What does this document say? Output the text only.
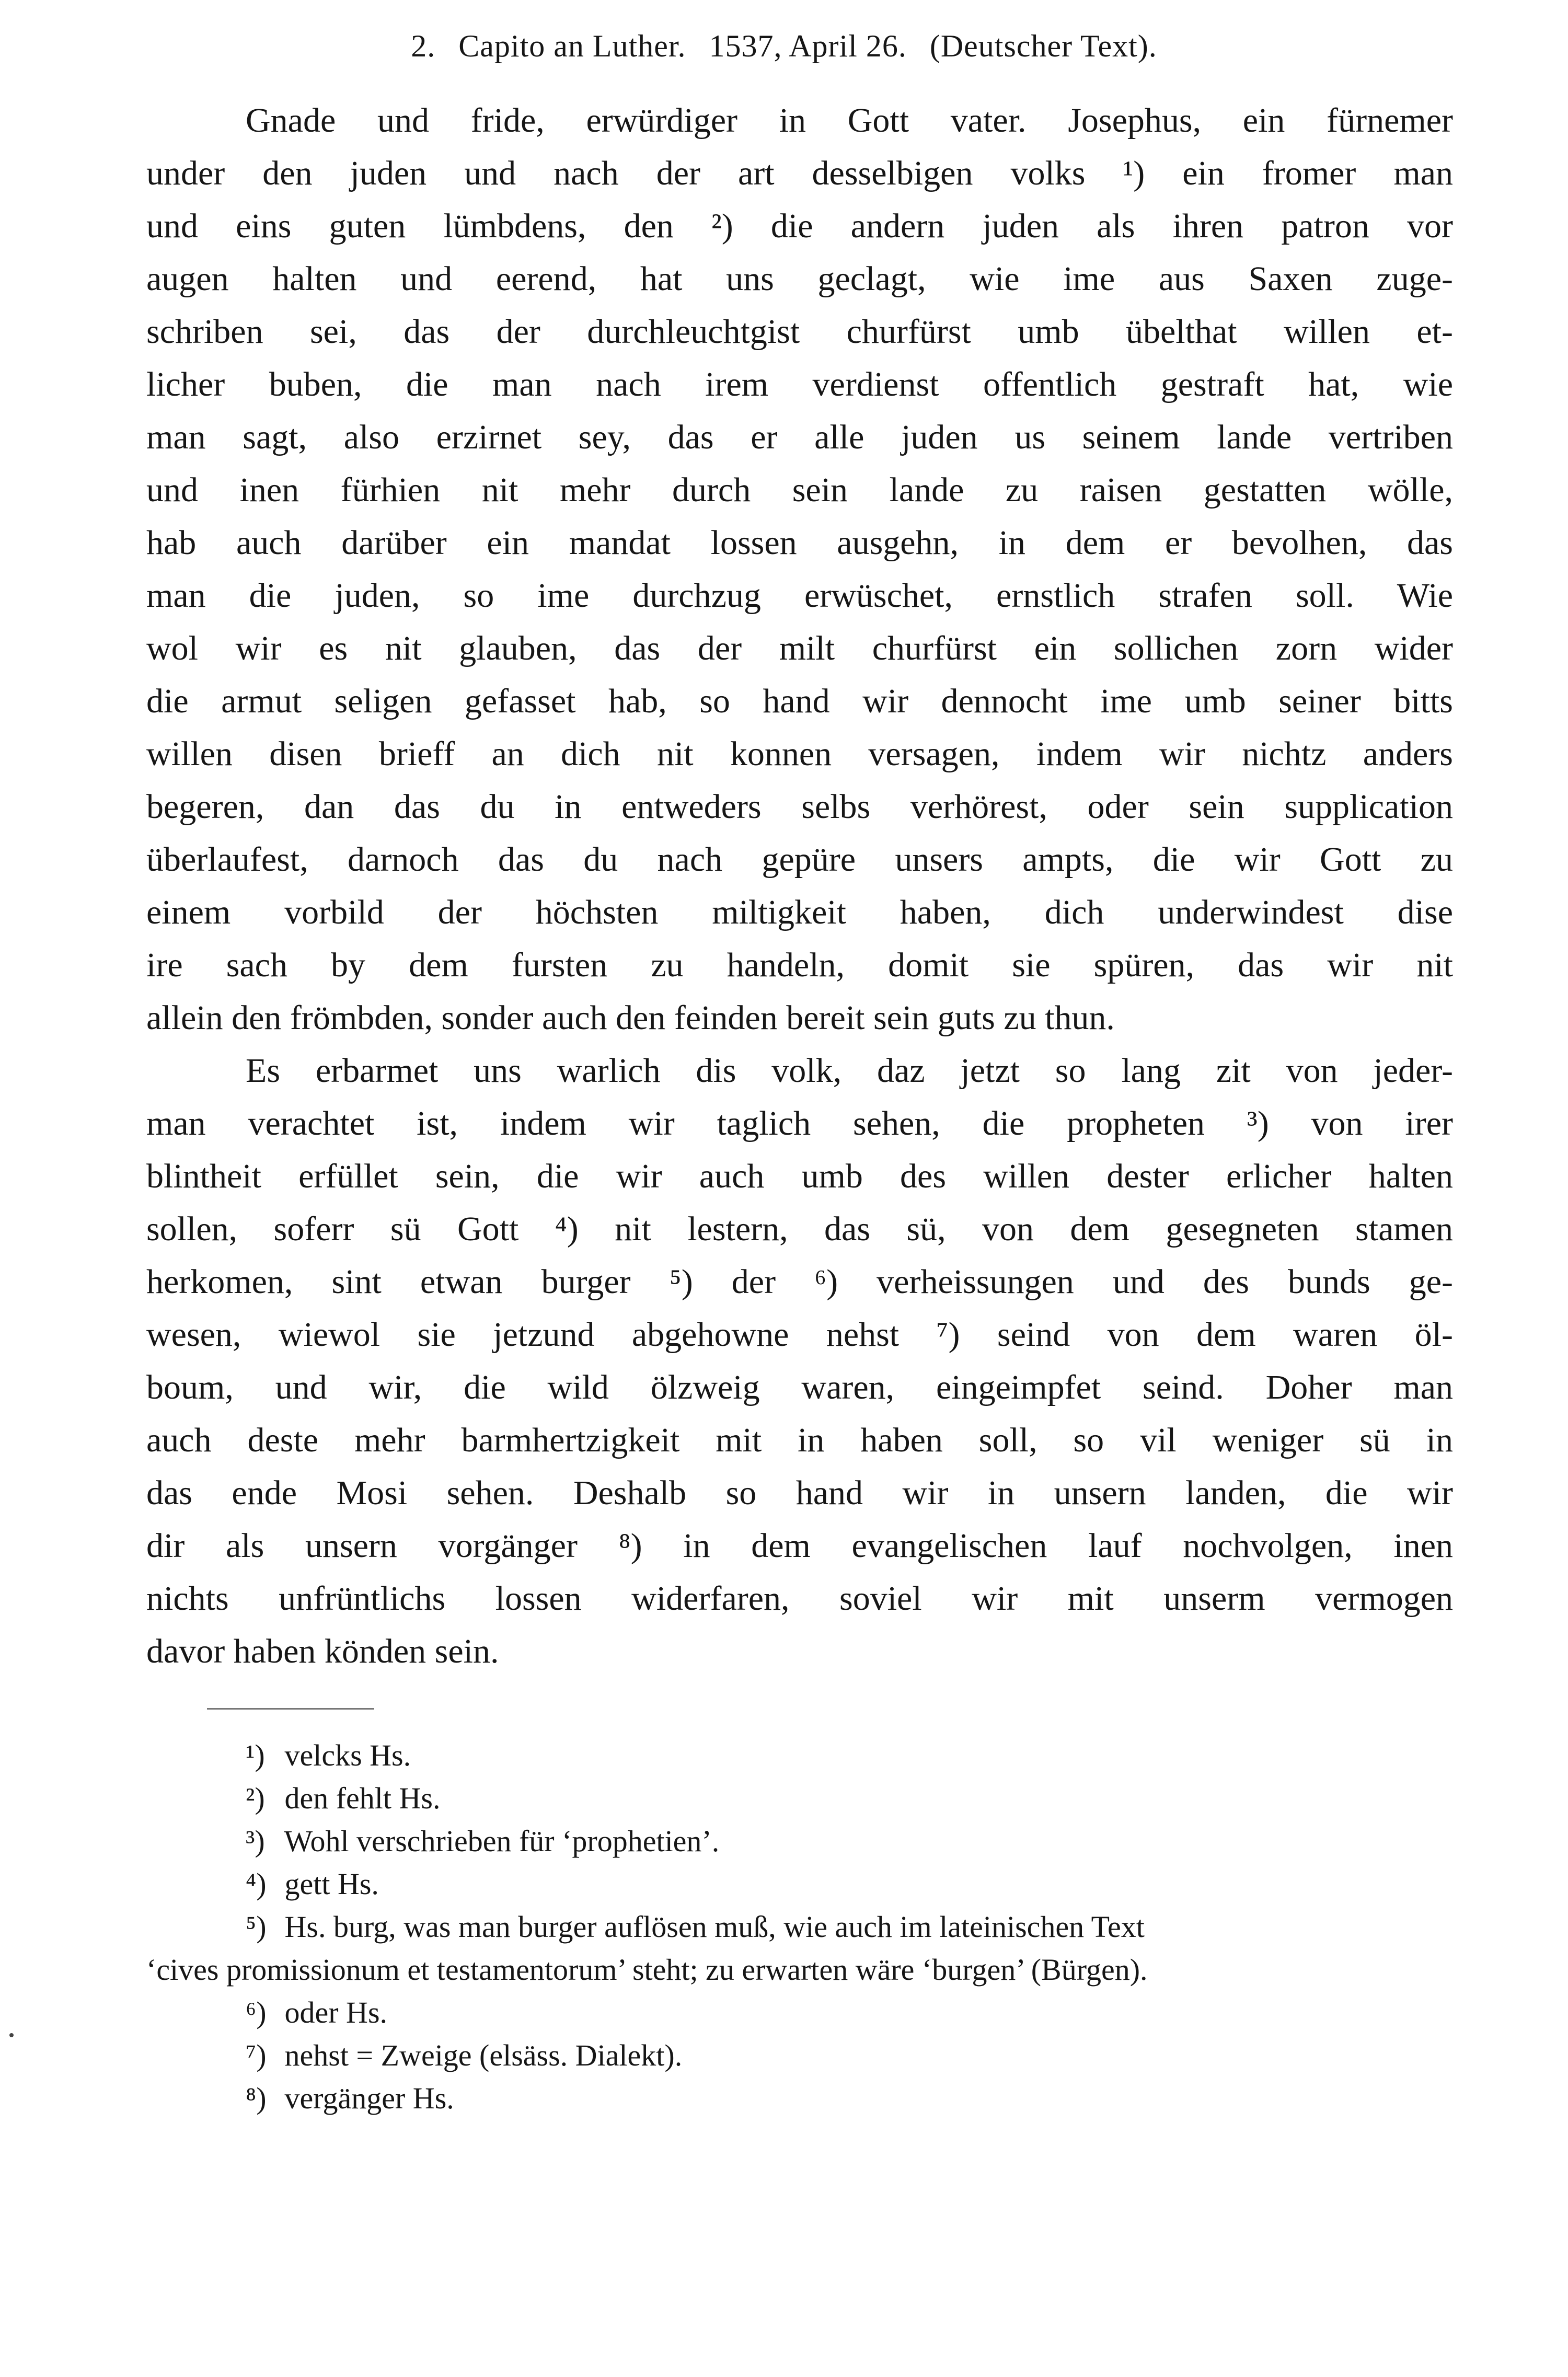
2. Capito an Luther. 1537, April 26. (Deutscher Text).
Gnade und fride, erwürdiger in Gott vater. Josephus, ein fürnemer
under den juden und nach der art desselbigen volks ¹) ein fromer man
und eins guten lümbdens, den ²) die andern juden als ihren patron vor
augen halten und eerend, hat uns geclagt, wie ime aus Saxen zuge-
schriben sei, das der durchleuchtgist churfürst umb übelthat willen et-
licher buben, die man nach irem verdienst offentlich gestraft hat, wie
man sagt, also erzirnet sey, das er alle juden us seinem lande vertriben
und inen fürhien nit mehr durch sein lande zu raisen gestatten wölle,
hab auch darüber ein mandat lossen ausgehn, in dem er bevolhen, das
man die juden, so ime durchzug erwüschet, ernstlich strafen soll. Wie
wol wir es nit glauben, das der milt churfürst ein sollichen zorn wider
die armut seligen gefasset hab, so hand wir dennocht ime umb seiner bitts
willen disen brieff an dich nit konnen versagen, indem wir nichtz anders
begeren, dan das du in entweders selbs verhörest, oder sein supplication
überlaufest, darnoch das du nach gepüre unsers ampts, die wir Gott zu
einem vorbild der höchsten miltigkeit haben, dich underwindest dise
ire sach by dem fursten zu handeln, domit sie spüren, das wir nit
allein den frömbden, sonder auch den feinden bereit sein guts zu thun.
Es erbarmet uns warlich dis volk, daz jetzt so lang zit von jeder-
man verachtet ist, indem wir taglich sehen, die propheten ³) von irer
blintheit erfüllet sein, die wir auch umb des willen dester erlicher halten
sollen, soferr sü Gott ⁴) nit lestern, das sü, von dem gesegneten stamen
herkomen, sint etwan burger ⁵) der ⁶) verheissungen und des bunds ge-
wesen, wiewol sie jetzund abgehowne nehst ⁷) seind von dem waren öl-
boum, und wir, die wild ölzweig waren, eingeimpfet seind. Doher man
auch deste mehr barmhertzigkeit mit in haben soll, so vil weniger sü in
das ende Mosi sehen. Deshalb so hand wir in unsern landen, die wir
dir als unsern vorgänger ⁸) in dem evangelischen lauf nochvolgen, inen
nichts unfrüntlichs lossen widerfaren, soviel wir mit unserm vermogen
davor haben könden sein.
¹) velcks Hs.
²) den fehlt Hs.
³) Wohl verschrieben für ‘prophetien’.
⁴) gett Hs.
⁵) Hs. burg, was man burger auflösen muß, wie auch im lateinischen Text
‘cives promissionum et testamentorum’ steht; zu erwarten wäre ‘burgen’ (Bürgen).
⁶) oder Hs.
⁷) nehst = Zweige (elsäss. Dialekt).
⁸) vergänger Hs.
